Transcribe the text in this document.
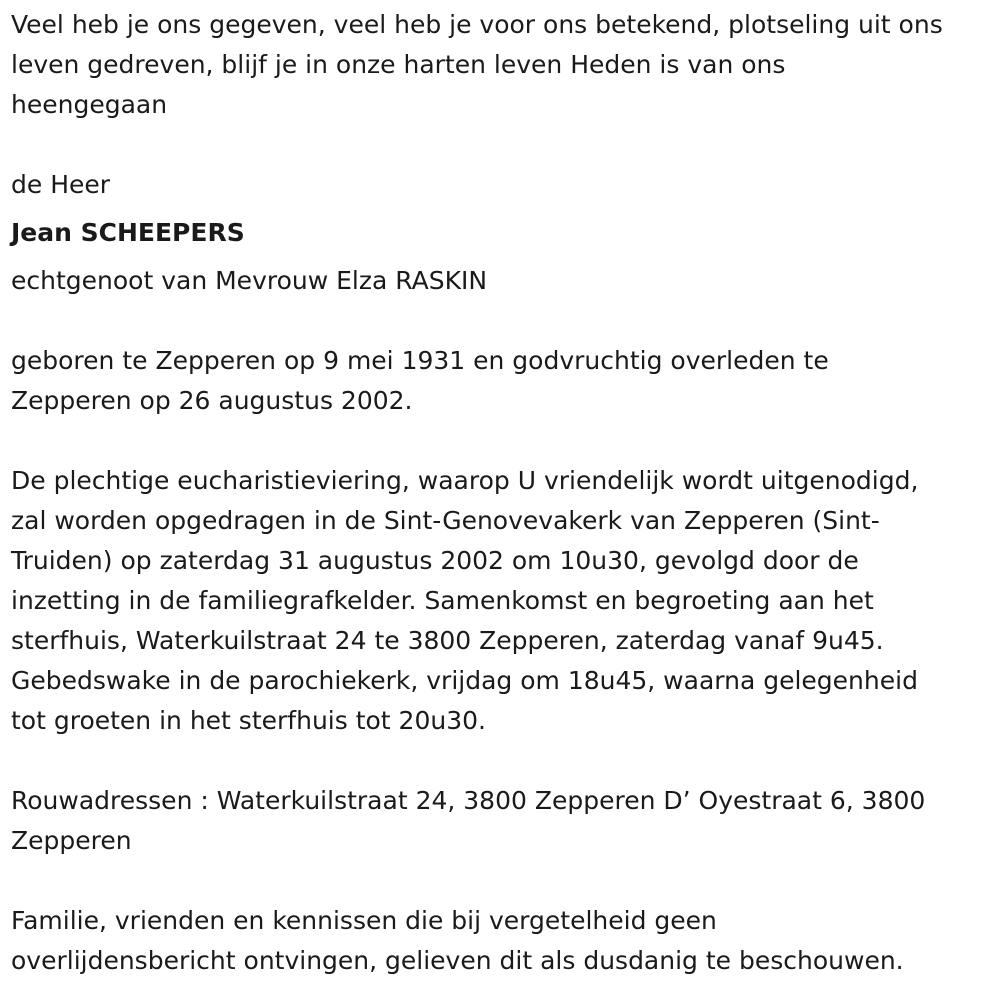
Veel heb je ons gegeven, veel heb je voor ons betekend, plotseling uit ons
leven gedreven, blijf je in onze harten leven Heden is van ons
heengegaan
de Heer
Jean SCHEEPERS
echtgenoot van Mevrouw Elza RASKIN
geboren te Zepperen op 9 mei 1931 en godvruchtig overleden te
Zepperen op 26 augustus 2002.
De plechtige eucharistieviering, waarop U vriendelijk wordt uitgenodigd,
zal worden opgedragen in de Sint-Genovevakerk van Zepperen (Sint-
Truiden) op zaterdag 31 augustus 2002 om 10u30, gevolgd door de
inzetting in de familiegrafkelder. Samenkomst en begroeting aan het
sterfhuis, Waterkuilstraat 24 te 3800 Zepperen, zaterdag vanaf 9u45.
Gebedswake in de parochiekerk, vrijdag om 18u45, waarna gelegenheid
tot groeten in het sterfhuis tot 20u30.
Rouwadressen : Waterkuilstraat 24, 3800 Zepperen D’ Oyestraat 6, 3800
Zepperen
Familie, vrienden en kennissen die bij vergetelheid geen
overlijdensbericht ontvingen, gelieven dit als dusdanig te beschouwen.
